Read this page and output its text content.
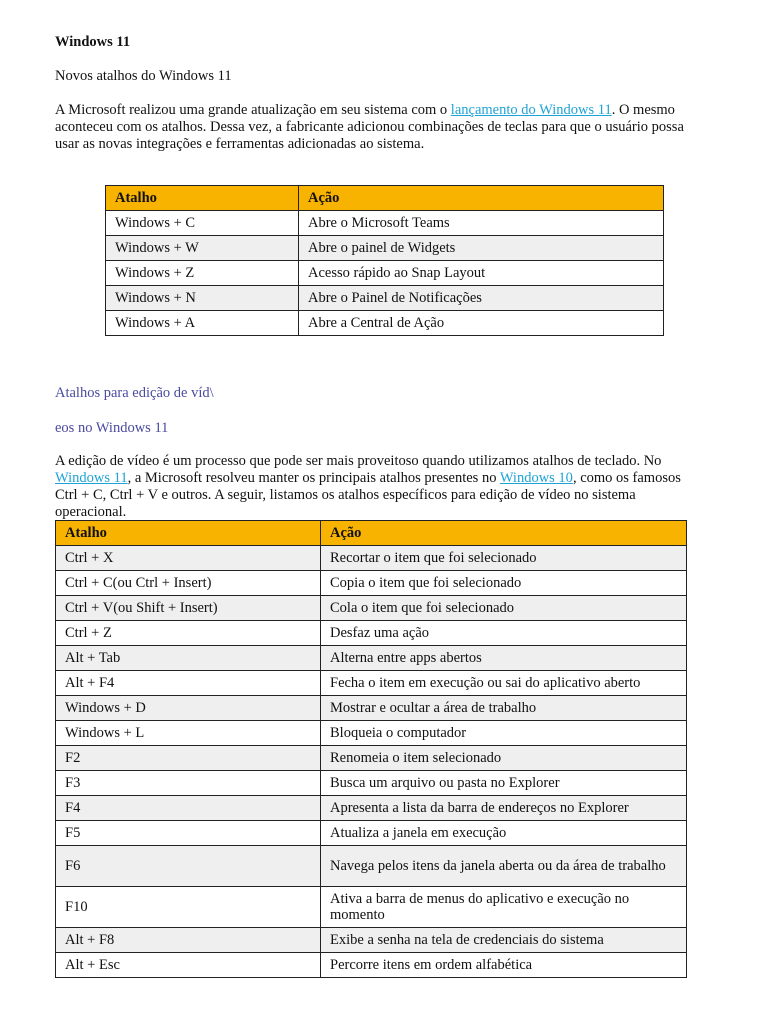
Windows 11
Novos atalhos do Windows 11
A Microsoft realizou uma grande atualização em seu sistema com o lançamento do Windows 11. O mesmo aconteceu com os atalhos. Dessa vez, a fabricante adicionou combinações de teclas para que o usuário possa usar as novas integrações e ferramentas adicionadas ao sistema.
Atalho	Ação
Windows + C	Abre o Microsoft Teams
Windows + W	Abre o painel de Widgets
Windows + Z	Acesso rápido ao Snap Layout
Windows + N	Abre o Painel de Notificações
Windows + A	Abre a Central de Ação
Atalhos para edição de víd\
eos no Windows 11
A edição de vídeo é um processo que pode ser mais proveitoso quando utilizamos atalhos de teclado. No Windows 11, a Microsoft resolveu manter os principais atalhos presentes no Windows 10, como os famosos Ctrl + C, Ctrl + V e outros. A seguir, listamos os atalhos específicos para edição de vídeo no sistema operacional.
Atalho	Ação
Ctrl + X	Recortar o item que foi selecionado
Ctrl + C(ou Ctrl + Insert)	Copia o item que foi selecionado
Ctrl + V(ou Shift + Insert)	Cola o item que foi selecionado
Ctrl + Z	Desfaz uma ação
Alt + Tab	Alterna entre apps abertos
Alt + F4	Fecha o item em execução ou sai do aplicativo aberto
Windows + D	Mostrar e ocultar a área de trabalho
Windows + L	Bloqueia o computador
F2	Renomeia o item selecionado
F3	Busca um arquivo ou pasta no Explorer
F4	Apresenta a lista da barra de endereços no Explorer
F5	Atualiza a janela em execução
F6	Navega pelos itens da janela aberta ou da área de trabalho
F10	Ativa a barra de menus do aplicativo e execução no momento
Alt + F8	Exibe a senha na tela de credenciais do sistema
Alt + Esc	Percorre itens em ordem alfabética
